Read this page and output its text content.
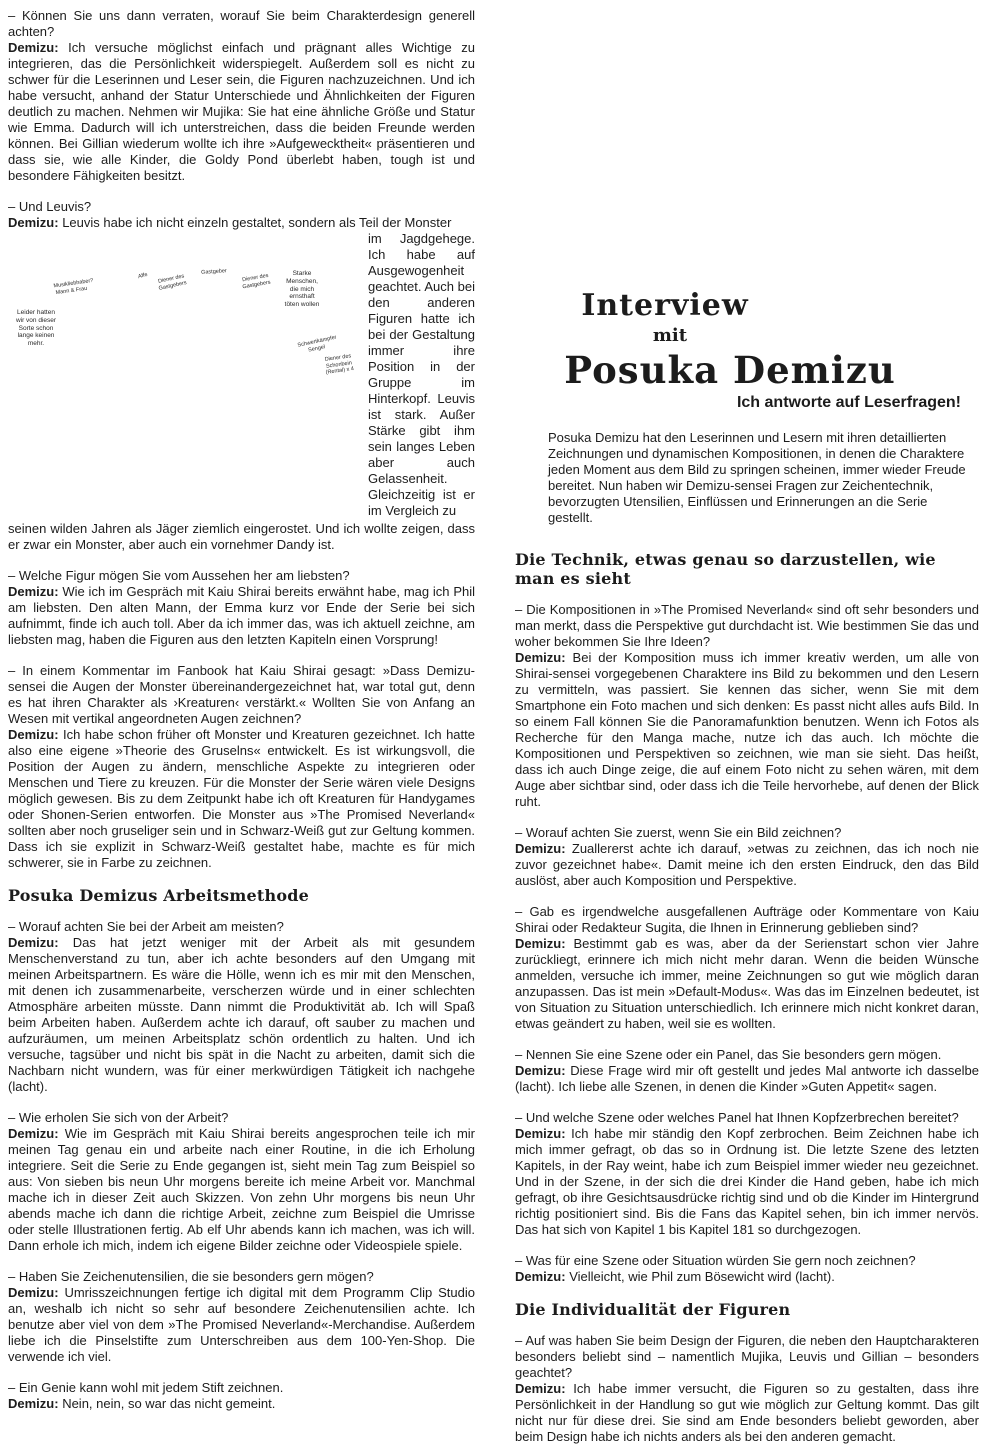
– Können Sie uns dann verraten, worauf Sie beim Charakterdesign generell achten?

Demizu: Ich versuche möglichst einfach und prägnant alles Wichtige zu integrieren, das die Persönlichkeit widerspiegelt. Außerdem soll es nicht zu schwer für die Leserinnen und Leser sein, die Figuren nachzuzeichnen. Und ich habe versucht, anhand der Statur Unterschiede und Ähnlichkeiten der Figuren deutlich zu machen. Nehmen wir Mujika: Sie hat eine ähnliche Größe und Statur wie Emma. Dadurch will ich unterstreichen, dass die beiden Freunde werden können. Bei Gillian wiederum wollte ich ihre »Aufgewecktheit« präsentieren und dass sie, wie alle Kinder, die Goldy Pond überlebt haben, tough ist und besondere Fähigkeiten besitzt.

– Und Leuvis?

Demizu: Leuvis habe ich nicht einzeln gestaltet, sondern als Teil der Monster

Leider hatten wir von dieser Sorte schon lange keinen mehr.
Musikliebhaber? Mann & Frau
Affe	Diener des Gastgebers
Gastgeber
Diener des Gastgebers
Starke Menschen, die mich ernsthaft töten wollen
Schwertkämpfer Sengel
Diener des Schonbein (Rental) x 4

im Jagdgehege. Ich habe auf Ausgewogenheit geachtet. Auch bei den anderen Figuren hatte ich bei der Gestaltung immer ihre Position in der Gruppe im Hinterkopf. Leuvis ist stark. Außer Stärke gibt ihm sein langes Leben aber auch Gelassenheit. Gleichzeitig ist er im Vergleich zu

seinen wilden Jahren als Jäger ziemlich eingerostet. Und ich wollte zeigen, dass er zwar ein Monster, aber auch ein vornehmer Dandy ist.

– Welche Figur mögen Sie vom Aussehen her am liebsten?

Demizu: Wie ich im Gespräch mit Kaiu Shirai bereits erwähnt habe, mag ich Phil am liebsten. Den alten Mann, der Emma kurz vor Ende der Serie bei sich aufnimmt, finde ich auch toll. Aber da ich immer das, was ich aktuell zeichne, am liebsten mag, haben die Figuren aus den letzten Kapiteln einen Vorsprung!

– In einem Kommentar im Fanbook hat Kaiu Shirai gesagt: »Dass Demizu-sensei die Augen der Monster übereinandergezeichnet hat, war total gut, denn es hat ihren Charakter als ›Kreaturen‹ verstärkt.« Wollten Sie von Anfang an Wesen mit vertikal angeordneten Augen zeichnen?

Demizu: Ich habe schon früher oft Monster und Kreaturen gezeichnet. Ich hatte also eine eigene »Theorie des Gruselns« entwickelt. Es ist wirkungsvoll, die Position der Augen zu ändern, menschliche Aspekte zu integrieren oder Menschen und Tiere zu kreuzen. Für die Monster der Serie wären viele Designs möglich gewesen. Bis zu dem Zeitpunkt habe ich oft Kreaturen für Handygames oder Shonen-Serien entworfen. Die Monster aus »The Promised Neverland« sollten aber noch gruseliger sein und in Schwarz-Weiß gut zur Geltung kommen. Dass ich sie explizit in Schwarz-Weiß gestaltet habe, machte es für mich schwerer, sie in Farbe zu zeichnen.

Posuka Demizus Arbeitsmethode

– Worauf achten Sie bei der Arbeit am meisten?

Demizu: Das hat jetzt weniger mit der Arbeit als mit gesundem Menschenverstand zu tun, aber ich achte besonders auf den Umgang mit meinen Arbeitspartnern. Es wäre die Hölle, wenn ich es mir mit den Menschen, mit denen ich zusammenarbeite, verscherzen würde und in einer schlechten Atmosphäre arbeiten müsste. Dann nimmt die Produktivität ab. Ich will Spaß beim Arbeiten haben. Außerdem achte ich darauf, oft sauber zu machen und aufzuräumen, um meinen Arbeitsplatz schön ordentlich zu halten. Und ich versuche, tagsüber und nicht bis spät in die Nacht zu arbeiten, damit sich die Nachbarn nicht wundern, was für einer merkwürdigen Tätigkeit ich nachgehe (lacht).

– Wie erholen Sie sich von der Arbeit?

Demizu: Wie im Gespräch mit Kaiu Shirai bereits angesprochen teile ich mir meinen Tag genau ein und arbeite nach einer Routine, in die ich Erholung integriere. Seit die Serie zu Ende gegangen ist, sieht mein Tag zum Beispiel so aus: Von sieben bis neun Uhr morgens bereite ich meine Arbeit vor. Manchmal mache ich in dieser Zeit auch Skizzen. Von zehn Uhr morgens bis neun Uhr abends mache ich dann die richtige Arbeit, zeichne zum Beispiel die Umrisse oder stelle Illustrationen fertig. Ab elf Uhr abends kann ich machen, was ich will. Dann erhole ich mich, indem ich eigene Bilder zeichne oder Videospiele spiele.

– Haben Sie Zeichenutensilien, die sie besonders gern mögen?

Demizu: Umrisszeichnungen fertige ich digital mit dem Programm Clip Studio an, weshalb ich nicht so sehr auf besondere Zeichenutensilien achte. Ich benutze aber viel von dem »The Promised Neverland«-Merchandise. Außerdem liebe ich die Pinselstifte zum Unterschreiben aus dem 100-Yen-Shop. Die verwende ich viel.

– Ein Genie kann wohl mit jedem Stift zeichnen.

Demizu: Nein, nein, so war das nicht gemeint.

Interview
mit
Posuka Demizu
Ich antworte auf Leserfragen!

Posuka Demizu hat den Leserinnen und Lesern mit ihren detaillierten Zeichnungen und dynamischen Kompositionen, in denen die Charaktere jeden Moment aus dem Bild zu springen scheinen, immer wieder Freude bereitet. Nun haben wir Demizu-sensei Fragen zur Zeichentechnik, bevorzugten Utensilien, Einflüssen und Erinnerungen an die Serie gestellt.

Die Technik, etwas genau so darzustellen, wie man es sieht

– Die Kompositionen in »The Promised Neverland« sind oft sehr besonders und man merkt, dass die Perspektive gut durchdacht ist. Wie bestimmen Sie das und woher bekommen Sie Ihre Ideen?

Demizu: Bei der Komposition muss ich immer kreativ werden, um alle von Shirai-sensei vorgegebenen Charaktere ins Bild zu bekommen und den Lesern zu vermitteln, was passiert. Sie kennen das sicher, wenn Sie mit dem Smartphone ein Foto machen und sich denken: Es passt nicht alles aufs Bild. In so einem Fall können Sie die Panoramafunktion benutzen. Wenn ich Fotos als Recherche für den Manga mache, nutze ich das auch. Ich möchte die Kompositionen und Perspektiven so zeichnen, wie man sie sieht. Das heißt, dass ich auch Dinge zeige, die auf einem Foto nicht zu sehen wären, mit dem Auge aber sichtbar sind, oder dass ich die Teile hervorhebe, auf denen der Blick ruht.

– Worauf achten Sie zuerst, wenn Sie ein Bild zeichnen?

Demizu: Zuallererst achte ich darauf, »etwas zu zeichnen, das ich noch nie zuvor gezeichnet habe«. Damit meine ich den ersten Eindruck, den das Bild auslöst, aber auch Komposition und Perspektive.

– Gab es irgendwelche ausgefallenen Aufträge oder Kommentare von Kaiu Shirai oder Redakteur Sugita, die Ihnen in Erinnerung geblieben sind?

Demizu: Bestimmt gab es was, aber da der Serienstart schon vier Jahre zurückliegt, erinnere ich mich nicht mehr daran. Wenn die beiden Wünsche anmelden, versuche ich immer, meine Zeichnungen so gut wie möglich daran anzupassen. Das ist mein »Default-Modus«. Was das im Einzelnen bedeutet, ist von Situation zu Situation unterschiedlich. Ich erinnere mich nicht konkret daran, etwas geändert zu haben, weil sie es wollten.

– Nennen Sie eine Szene oder ein Panel, das Sie besonders gern mögen.

Demizu: Diese Frage wird mir oft gestellt und jedes Mal antworte ich dasselbe (lacht). Ich liebe alle Szenen, in denen die Kinder »Guten Appetit« sagen.

– Und welche Szene oder welches Panel hat Ihnen Kopfzerbrechen bereitet?

Demizu: Ich habe mir ständig den Kopf zerbrochen. Beim Zeichnen habe ich mich immer gefragt, ob das so in Ordnung ist. Die letzte Szene des letzten Kapitels, in der Ray weint, habe ich zum Beispiel immer wieder neu gezeichnet. Und in der Szene, in der sich die drei Kinder die Hand geben, habe ich mich gefragt, ob ihre Gesichtsausdrücke richtig sind und ob die Kinder im Hintergrund richtig positioniert sind. Bis die Fans das Kapitel sehen, bin ich immer nervös. Das hat sich von Kapitel 1 bis Kapitel 181 so durchgezogen.

– Was für eine Szene oder Situation würden Sie gern noch zeichnen?

Demizu: Vielleicht, wie Phil zum Bösewicht wird (lacht).

Die Individualität der Figuren

– Auf was haben Sie beim Design der Figuren, die neben den Hauptcharakteren besonders beliebt sind – namentlich Mujika, Leuvis und Gillian – besonders geachtet?

Demizu: Ich habe immer versucht, die Figuren so zu gestalten, dass ihre Persönlichkeit in der Handlung so gut wie möglich zur Geltung kommt. Das gilt nicht nur für diese drei. Sie sind am Ende besonders beliebt geworden, aber beim Design habe ich nichts anders als bei den anderen gemacht.
